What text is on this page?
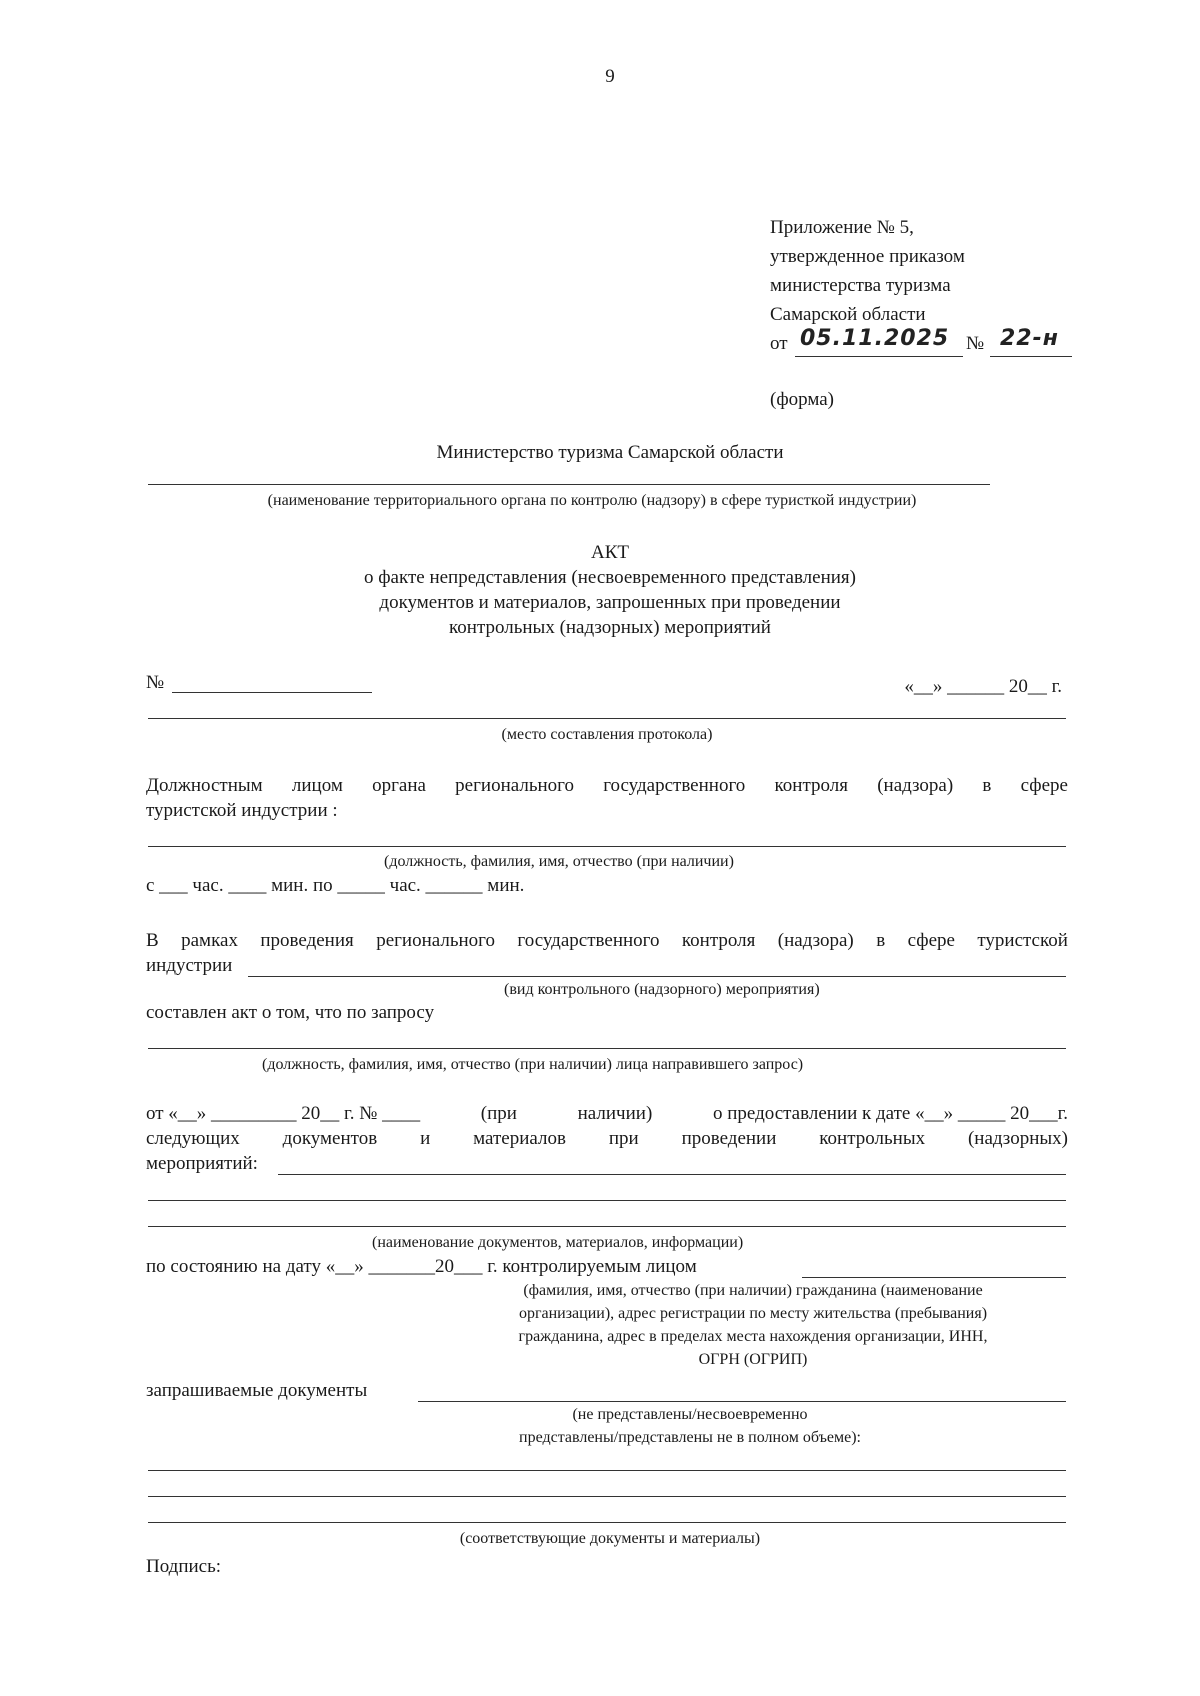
9
Приложение № 5,
утвержденное приказом
министерства туризма
Самарской области
от 05.11.2025 № 22-н
(форма)
Министерство туризма Самарской области
(наименование территориального органа по контролю (надзору) в сфере туристкой индустрии)
АКТ
о факте непредставления (несвоевременного представления)
документов и материалов, запрошенных при проведении
контрольных (надзорных) мероприятий
№	«__» ______ 20__ г.
(место составления протокола)
Должностным лицом органа регионального государственного контроля (надзора) в сфере
туристской индустрии :
(должность, фамилия, имя, отчество (при наличии)
с ___ час. ____ мин. по _____ час. ______ мин.
В рамках проведения регионального государственного контроля (надзора) в сфере туристской
индустрии
(вид контрольного (надзорного) мероприятия)
составлен акт о том, что по запросу
(должность, фамилия, имя, отчество (при наличии) лица направившего запрос)
от «__» _________ 20__ г. № ____	(при	наличии)	о предоставлении к дате «__» _____ 20___г.
следующих документов и материалов при проведении контрольных (надзорных)
мероприятий:
(наименование документов, материалов, информации)
по состоянию на дату «__» _______20___ г. контролируемым лицом
(фамилия, имя, отчество (при наличии) гражданина (наименование
организации), адрес регистрации по месту жительства (пребывания)
гражданина, адрес в пределах места нахождения организации, ИНН,
ОГРН (ОГРИП)
запрашиваемые документы
(не представлены/несвоевременно
представлены/представлены не в полном объеме):
(соответствующие документы и материалы)
Подпись:
